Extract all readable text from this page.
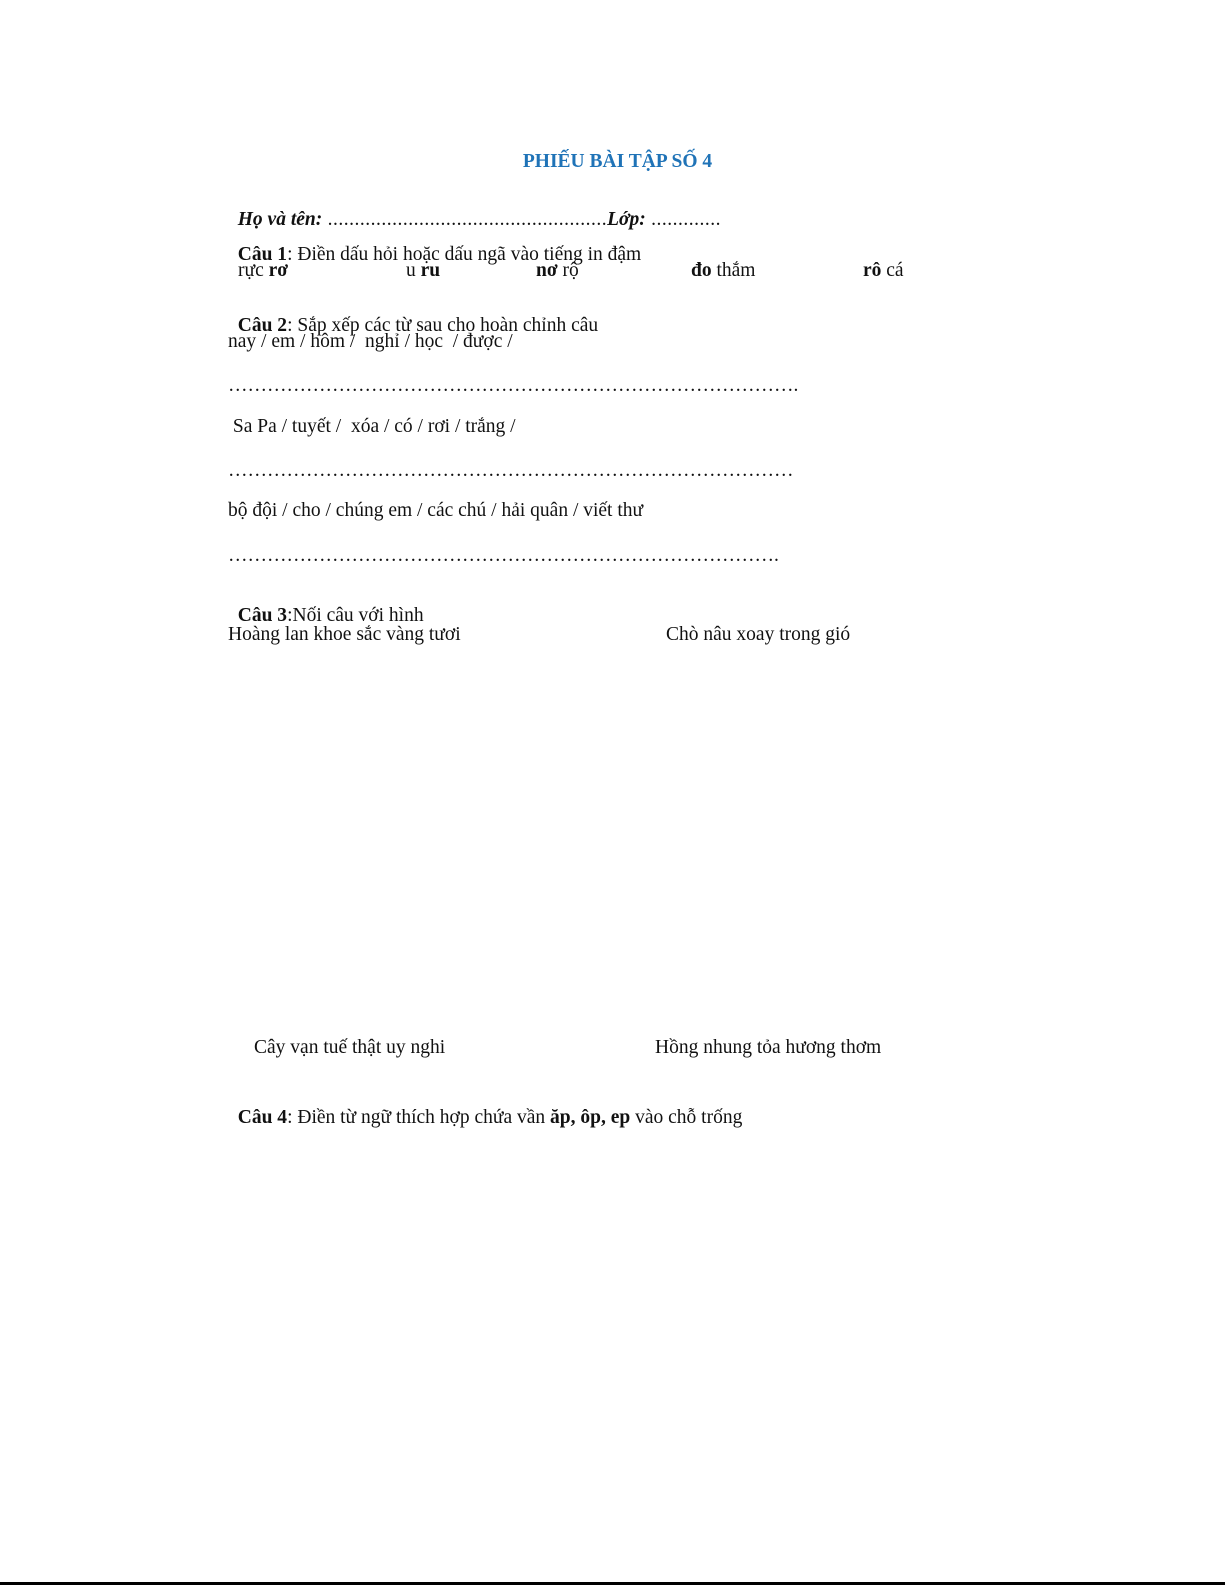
PHIẾU BÀI TẬP SỐ 4

Họ và tên: ....................................................Lớp: .............

Câu 1: Điền dấu hỏi hoặc dấu ngã vào tiếng in đậm

rực rơ	u ru	nơ rộ	đo thắm	rô cá

Câu 2: Sắp xếp các từ sau cho hoàn chỉnh câu

nay / em / hôm /  nghỉ / học  / được /
…………………………………………………………………………….
Sa Pa / tuyết /  xóa / có / rơi / trắng /
……………………………………………………………………………
bộ đội / cho / chúng em / các chú / hải quân / viết thư
………………………………………………………………………….

Câu 3:Nối câu với hình

Hoàng lan khoe sắc vàng tươi	Chò nâu xoay trong gió
Cây vạn tuế thật uy nghi	Hồng nhung tỏa hương thơm

Câu 4: Điền từ ngữ thích hợp chứa vần ăp, ôp, ep vào chỗ trống
